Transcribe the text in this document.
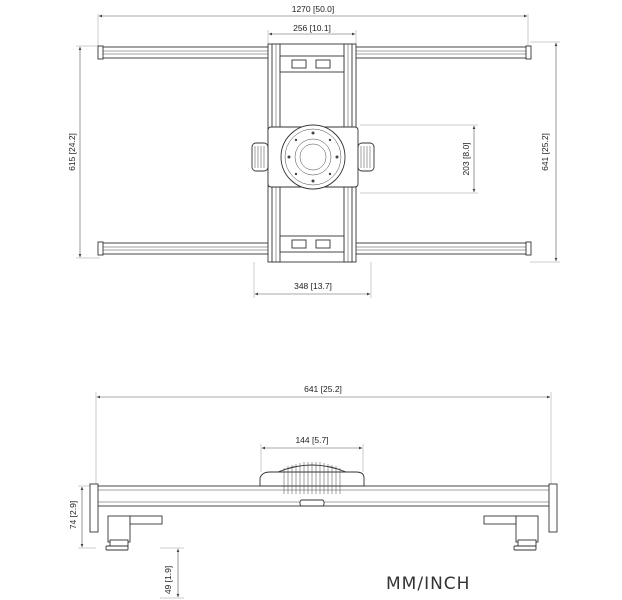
1270 [50.0]
256 [10.1]
615 [24.2]	641 [25.2]
203 [8.0]
348 [13.7]
641 [25.2]
144 [5.7]
74 [2.9]
49 [1.9]	MM/INCH
